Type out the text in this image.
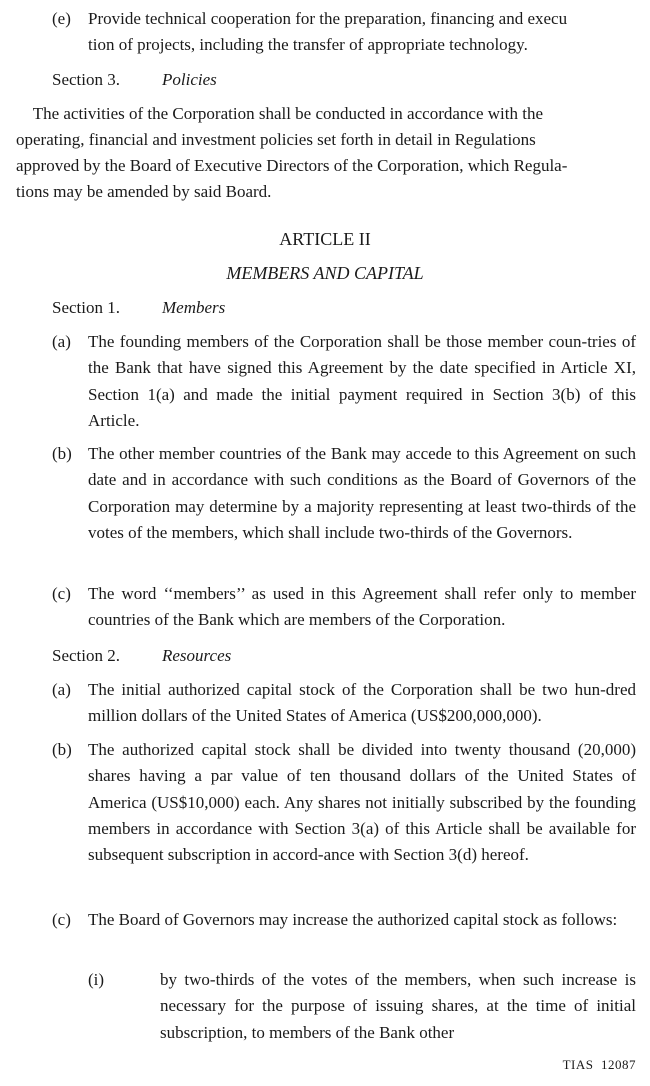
(e)	Provide technical cooperation for the preparation, financing and execu
tion of projects, including the transfer of appropriate technology.
Section 3. Policies
The activities of the Corporation shall be conducted in accordance with the
operating, financial and investment policies set forth in detail in Regulations
approved by the Board of Executive Directors of the Corporation, which Regula-
tions may be amended by said Board.
ARTICLE II
MEMBERS AND CAPITAL
Section 1. Members
(a)	The founding members of the Corporation shall be those member coun-tries of the Bank that have signed this Agreement by the date specified in Article XI, Section 1(a) and made the initial payment required in Section 3(b) of this Article.
(b) The other member countries of the Bank may accede to this Agreement on such date and in accordance with such conditions as the Board of Governors of the Corporation may determine by a majority representing at least two-thirds of the votes of the members, which shall include two-thirds of the Governors.
(c)	The word ‘‘members’’ as used in this Agreement shall refer only to member countries of the Bank which are members of the Corporation.
Section 2. Resources
(a)	The initial authorized capital stock of the Corporation shall be two hun-dred million dollars of the United States of America (US$200,000,000).
(b) The authorized capital stock shall be divided into twenty thousand (20,000) shares having a par value of ten thousand dollars of the United States of America (US$10,000) each. Any shares not initially subscribed by the founding members in accordance with Section 3(a) of this Article shall be available for subsequent subscription in accord-ance with Section 3(d) hereof.
(c)	The Board of Governors may increase the authorized capital stock as follows:
(i)	by two-thirds of the votes of the members, when such increase is necessary for the purpose of issuing shares, at the time of initial subscription, to members of the Bank other
TIAS 12087
